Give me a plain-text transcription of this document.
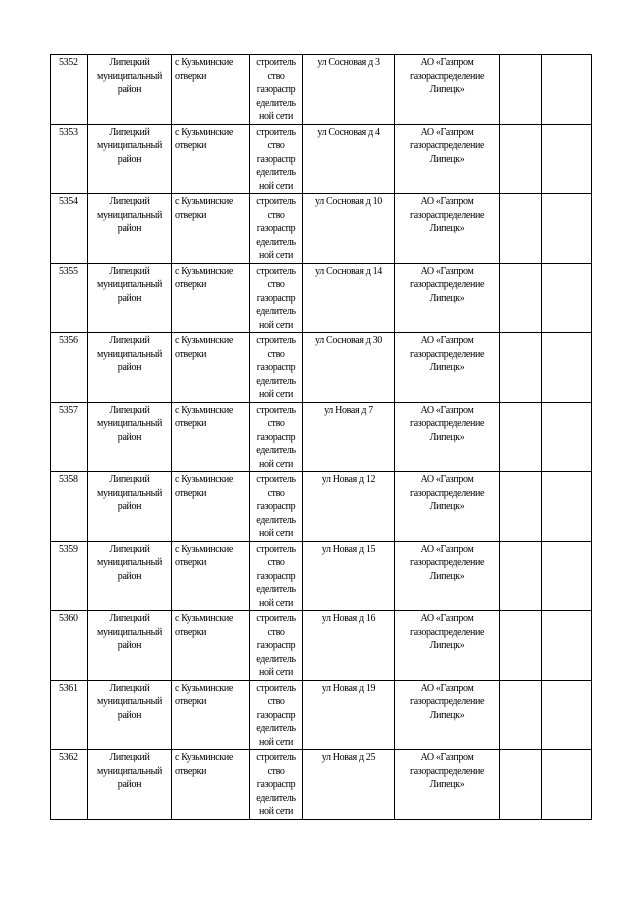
5352	Липецкий муниципальный район	с Кузьминские отверки	строитель ство газораспр еделитель ной сети	ул Сосновая д 3	АО «Газпром газораспределение Липецк»		
5353	Липецкий муниципальный район	с Кузьминские отверки	строитель ство газораспр еделитель ной сети	ул Сосновая д 4	АО «Газпром газораспределение Липецк»		
5354	Липецкий муниципальный район	с Кузьминские отверки	строитель ство газораспр еделитель ной сети	ул Сосновая д 10	АО «Газпром газораспределение Липецк»		
5355	Липецкий муниципальный район	с Кузьминские отверки	строитель ство газораспр еделитель ной сети	ул Сосновая д 14	АО «Газпром газораспределение Липецк»		
5356	Липецкий муниципальный район	с Кузьминские отверки	строитель ство газораспр еделитель ной сети	ул Сосновая д 30	АО «Газпром газораспределение Липецк»		
5357	Липецкий муниципальный район	с Кузьминские отверки	строитель ство газораспр еделитель ной сети	ул Новая д 7	АО «Газпром газораспределение Липецк»		
5358	Липецкий муниципальный район	с Кузьминские отверки	строитель ство газораспр еделитель ной сети	ул Новая д 12	АО «Газпром газораспределение Липецк»		
5359	Липецкий муниципальный район	с Кузьминские отверки	строитель ство газораспр еделитель ной сети	ул Новая д 15	АО «Газпром газораспределение Липецк»		
5360	Липецкий муниципальный район	с Кузьминские отверки	строитель ство газораспр еделитель ной сети	ул Новая д 16	АО «Газпром газораспределение Липецк»		
5361	Липецкий муниципальный район	с Кузьминские отверки	строитель ство газораспр еделитель ной сети	ул Новая д 19	АО «Газпром газораспределение Липецк»		
5362	Липецкий муниципальный район	с Кузьминские отверки	строитель ство газораспр еделитель ной сети	ул Новая д 25	АО «Газпром газораспределение Липецк»		
